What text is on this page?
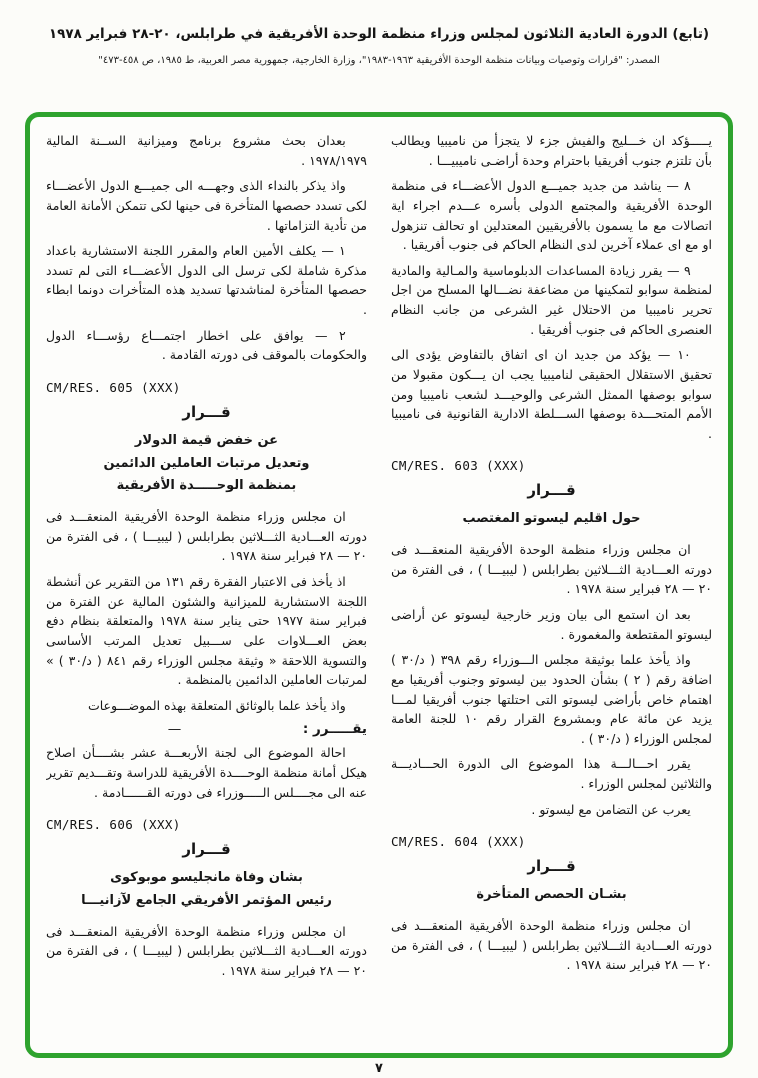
(تابع) الدورة العادية الثلاثون لمجلس وزراء منظمة الوحدة الأفريقية في طرابلس، ٢٠-٢٨ فبراير ١٩٧٨
المصدر: "قرارات وتوصيات وبيانات منظمة الوحدة الأفريقية ١٩٦٣-١٩٨٣"، وزارة الخارجية، جمهورية مصر العربية، ط ١٩٨٥، ص ٤٥٨-٤٧٣"

يـــــؤكد ان خـــليج والفيش جزء لا يتجزأ من ناميبيا ويطالب بأن تلتزم جنوب أفريقيا باحترام وحدة أراضـى ناميبيـــا .

٨ — يناشد من جديد جميـــع الدول الأعضـــاء فى منظمة الوحدة الأفريقية والمجتمع الدولى بأسره عـــدم اجراء اية اتصالات مع ما يسمون بالأفريقيين المعتدلين او تحالف تنزهول او مع اى عملاء آخرين لدى النظام الحاكم فى جنوب أفريقيا .

٩ — يقرر زيادة المساعدات الدبلوماسية والمـالية والمادية لمنظمة سوابو لتمكينها من مضاعفة نضـــالها المسلح من اجل تحرير ناميبيا من الاحتلال غير الشرعى من جانب النظام العنصرى الحاكم فى جنوب أفريقيا .

١٠ — يؤكد من جديد ان اى اتفاق بالتفاوض يؤدى الى تحقيق الاستقلال الحقيقى لناميبيا يجب ان يـــكون مقبولا من سوابو بوصفها الممثل الشرعى والوحيـــد لشعب ناميبيا ومن الأمم المتحـــدة بوصفها الســـلطة الادارية القانونية فى ناميبيا .

CM/RES. 603 (XXX)
قـــرار
حول اقليم ليسوتو المغتصب

ان مجلس وزراء منظمة الوحدة الأفريقية المنعقـــد فى دورته العـــادية الثـــلاثين بطرابلس ( ليبيـــا ) ، فى الفترة من ٢٠ — ٢٨ فبراير سنة ١٩٧٨ .

بعد ان استمع الى بيان وزير خارجية ليسوتو عن أراضى ليسوتو المقتطعة والمغمورة .

واذ يأخذ علما بوثيقة مجلس الـــوزراء رقم ٣٩٨ ( د/٣٠ ) اضافة رقم ( ٢ ) بشأن الحدود بين ليسوتو وجنوب أفريقيا مع اهتمام خاص بأراضى ليسوتو التى احتلتها جنوب أفريقيا لمـــا يزيد عن مائة عام وبمشروع القرار رقم ١٠ للجنة العامة لمجلس الوزراء ( د/٣٠ ) .

يقرر احـــالـــة هذا الموضوع الى الدورة الحـــاديـــة والثلاثين لمجلس الوزراء .

يعرب عن التضامن مع ليسوتو .

CM/RES. 604 (XXX)
قـــرار
بشـان الحصص المتأخرة

ان مجلس وزراء منظمة الوحدة الأفريقية المنعقـــد فى دورته العـــادية الثـــلاثين بطرابلس ( ليبيـــا ) ، فى الفترة من ٢٠ — ٢٨ فبراير سنة ١٩٧٨ .

بعدان بحث مشروع برنامج وميزانية الســنة المالية ١٩٧٨/١٩٧٩ .

واذ يذكر بالنداء الذى وجهـــه الى جميـــع الدول الأعضـــاء لكى تسدد حصصها المتأخرة فى حينها لكى تتمكن الأمانة العامة من تأدية التزاماتها .

١ — يكلف الأمين العام والمقرر اللجنة الاستشارية باعداد مذكرة شاملة لكى ترسل الى الدول الأعضـــاء التى لم تسدد حصصها المتأخرة لمناشدتها تسديد هذه المتأخرات دونما ابطاء .

٢ — يوافق على اخطار اجتمـــاع رؤســـاء الدول والحكومات بالموقف فى دورته القادمة .

CM/RES. 605 (XXX)
قـــرار
عن خفض قيمة الدولار
وتعديل مرتبات العاملين الدائمين
بمنظمة الوحـــــدة الأفريقية

ان مجلس وزراء منظمة الوحدة الأفريقية المنعقـــد فى دورته العـــادية الثـــلاثين بطرابلس ( ليبيـــا ) ، فى الفترة من ٢٠ — ٢٨ فبراير سنة ١٩٧٨ .

اذ يأخذ فى الاعتبار الفقرة رقم ١٣١ من التقرير عن أنشطة اللجنة الاستشارية للميزانية والشئون المالية عن الفترة من فبراير سنة ١٩٧٧ حتى يناير سنة ١٩٧٨ والمتعلقة بنظام دفع بعض العـــلاوات على ســـبيل تعديل المرتب الأساسى والتسوية اللاحقة « وثيقة مجلس الوزراء رقم ٨٤١ ( د/٣٠ ) » لمرتبات العاملين الدائمين بالمنظمة .

واذ يأخذ علما بالوثائق المتعلقة بهذه الموضـــوعات

يقـــــرر :
—

احالة الموضوع الى لجنة الأربعـــة عشر بشــــأن اصلاح هيكل أمانة منظمة الوحــــدة الأفريقية للدراسة وتقـــديم تقرير عنه الى مجــــلس الـــــوزراء فى دورته القــــــادمة .

CM/RES. 606 (XXX)
قـــرار
بشان وفاة مانجليسو موبوكوى
رئيس المؤتمر الأفريقي الجامع لآزانيـــا

ان مجلس وزراء منظمة الوحدة الأفريقية المنعقـــد فى دورته العـــادية الثـــلاثين بطرابلس ( ليبيـــا ) ، فى الفترة من ٢٠ — ٢٨ فبراير سنة ١٩٧٨ .

٧
